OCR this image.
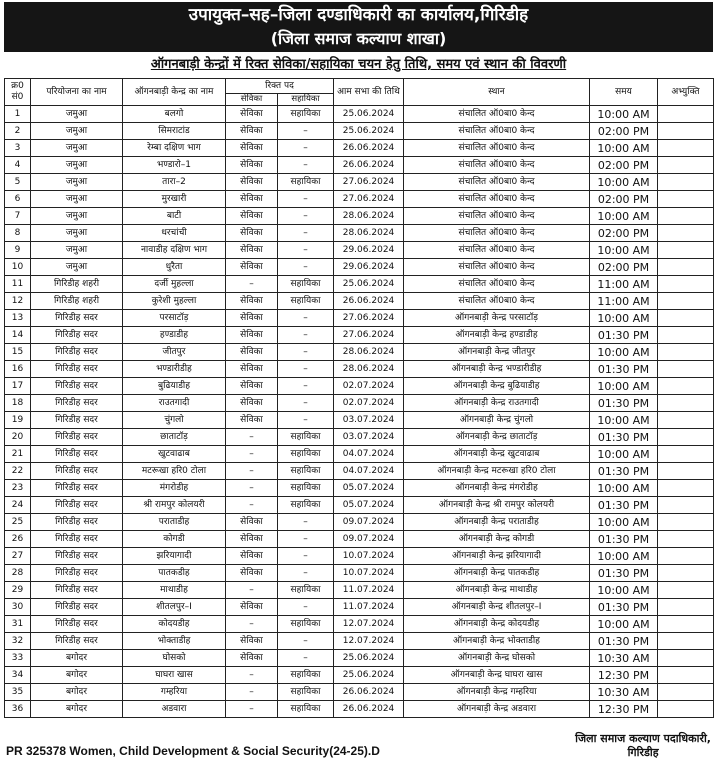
उपायुक्त–सह–जिला दण्डाधिकारी का कार्यालय,गिरिडीह
(जिला समाज कल्याण शाखा)
ऑगनबाड़ी केन्द्रों में रिक्त सेविका/सहायिका चयन हेतु तिथि, समय एवं स्थान की विवरणी
क्र0 सं0	परियोजना का नाम	ऑगनबाड़ी केन्द्र का नाम	रिक्त पद		आम सभा की तिथि	स्थान	समय	अभ्युक्ति
			सेविका	सहायिका				
1	जमुआ	बलगो	सेविका	सहायिका	25.06.2024	संचालित ऑ0बा0 केन्द	10:00 AM	
2	जमुआ	सिमराटांड	सेविका	–	25.06.2024	संचालित ऑ0बा0 केन्द	02:00 PM	
3	जमुआ	रेम्बा दक्षिण भाग	सेविका	–	26.06.2024	संचालित ऑ0बा0 केन्द	10:00 AM	
4	जमुआ	भण्डारो–1	सेविका	–	26.06.2024	संचालित ऑ0बा0 केन्द	02:00 PM	
5	जमुआ	तारा–2	सेविका	सहायिका	27.06.2024	संचालित ऑ0बा0 केन्द	10:00 AM	
6	जमुआ	मुरखारी	सेविका	–	27.06.2024	संचालित ऑ0बा0 केन्द	02:00 PM	
7	जमुआ	बाटी	सेविका	–	28.06.2024	संचालित ऑ0बा0 केन्द	10:00 AM	
8	जमुआ	धरचांची	सेविका	–	28.06.2024	संचालित ऑ0बा0 केन्द	02:00 PM	
9	जमुआ	नावाडीह दक्षिण भाग	सेविका	–	29.06.2024	संचालित ऑ0बा0 केन्द	10:00 AM	
10	जमुआ	धुरैता	सेविका	–	29.06.2024	संचालित ऑ0बा0 केन्द	02:00 PM	
11	गिरिडीह शहरी	दर्जी मुहल्ला	–	सहायिका	25.06.2024	संचालित ऑ0बा0 केन्द	11:00 AM	
12	गिरिडीह शहरी	कुरेशी मुहल्ला	सेविका	सहायिका	26.06.2024	संचालित ऑ0बा0 केन्द	11:00 AM	
13	गिरिडीह सदर	परसाटॉड़	सेविका	–	27.06.2024	ऑगनबाड़ी केन्द्र परसाटॉड़	10:00 AM	
14	गिरिडीह सदर	हण्डाडीह	सेविका	–	27.06.2024	ऑगनबाड़ी केन्द्र हण्डाडीह	01:30 PM	
15	गिरिडीह सदर	जीतपुर	सेविका	–	28.06.2024	ऑगनबाड़ी केन्द्र जीतपुर	10:00 AM	
16	गिरिडीह सदर	भण्डारीडीह	सेविका	–	28.06.2024	ऑगनबाड़ी केन्द्र भण्डारीडीह	01:30 PM	
17	गिरिडीह सदर	बुढियाडीह	सेविका	–	02.07.2024	ऑगनबाड़ी केन्द्र बुढियाडीह	10:00 AM	
18	गिरिडीह सदर	राउतगादी	सेविका	–	02.07.2024	ऑगनबाड़ी केन्द्र राउतगादी	01:30 PM	
19	गिरिडीह सदर	चुंगलो	सेविका	–	03.07.2024	ऑगनबाड़ी केन्द्र चुंगलो	10:00 AM	
20	गिरिडीह सदर	छाताटॉड़	–	सहायिका	03.07.2024	ऑगनबाड़ी केन्द्र छाताटॉड़	01:30 PM	
21	गिरिडीह सदर	खुटवाढाब	–	सहायिका	04.07.2024	ऑगनबाड़ी केन्द्र खुटवाढाब	10:00 AM	
22	गिरिडीह सदर	मटरूखा हरि0 टोला	–	सहायिका	04.07.2024	ऑगनबाड़ी केन्द्र मटरूखा हरि0 टोला	01:30 PM	
23	गिरिडीह सदर	मंगरोडीह	–	सहायिका	05.07.2024	ऑगनबाड़ी केन्द्र मंगरोडीह	10:00 AM	
24	गिरिडीह सदर	श्री रामपुर कोलयरी	–	सहायिका	05.07.2024	ऑगनबाड़ी केन्द्र श्री रामपुर कोलयरी	01:30 PM	
25	गिरिडीह सदर	पराताडीह	सेविका	–	09.07.2024	ऑगनबाड़ी केन्द्र पराताडीह	10:00 AM	
26	गिरिडीह सदर	कोगडी	सेविका	–	09.07.2024	ऑगनबाड़ी केन्द्र कोगडी	01:30 PM	
27	गिरिडीह सदर	झरियागादी	सेविका	–	10.07.2024	ऑगनबाड़ी केन्द्र झरियागादी	10:00 AM	
28	गिरिडीह सदर	पातकडीह	सेविका	–	10.07.2024	ऑगनबाड़ी केन्द्र पातकडीह	01:30 PM	
29	गिरिडीह सदर	माथाडीह	–	सहायिका	11.07.2024	ऑगनबाड़ी केन्द्र माथाडीह	10:00 AM	
30	गिरिडीह सदर	शीतलपुर–I	सेविका	–	11.07.2024	ऑगनबाड़ी केन्द्र शीतलपुर–I	01:30 PM	
31	गिरिडीह सदर	कोदयडीह	–	सहायिका	12.07.2024	ऑगनबाड़ी केन्द्र कोदयडीह	10:00 AM	
32	गिरिडीह सदर	भोक्ताडीह	सेविका	–	12.07.2024	ऑगनबाड़ी केन्द्र भोक्ताडीह	01:30 PM	
33	बगोदर	घोसको	सेविका	–	25.06.2024	ऑगनबाड़ी केन्द्र घोसको	10:30 AM	
34	बगोदर	घाघरा खास	–	सहायिका	25.06.2024	ऑगनबाड़ी केन्द्र घाघरा खास	12:30 PM	
35	बगोदर	गम्हरिया	–	सहायिका	26.06.2024	ऑगनबाड़ी केन्द्र गम्हरिया	10:30 AM	
36	बगोदर	अडवारा	–	सहायिका	26.06.2024	ऑगनबाड़ी केन्द्र अडवारा	12:30 PM	
PR 325378 Women, Child Development & Social Security(24-25).D
जिला समाज कल्याण पदाधिकारी,
गिरिडीह
